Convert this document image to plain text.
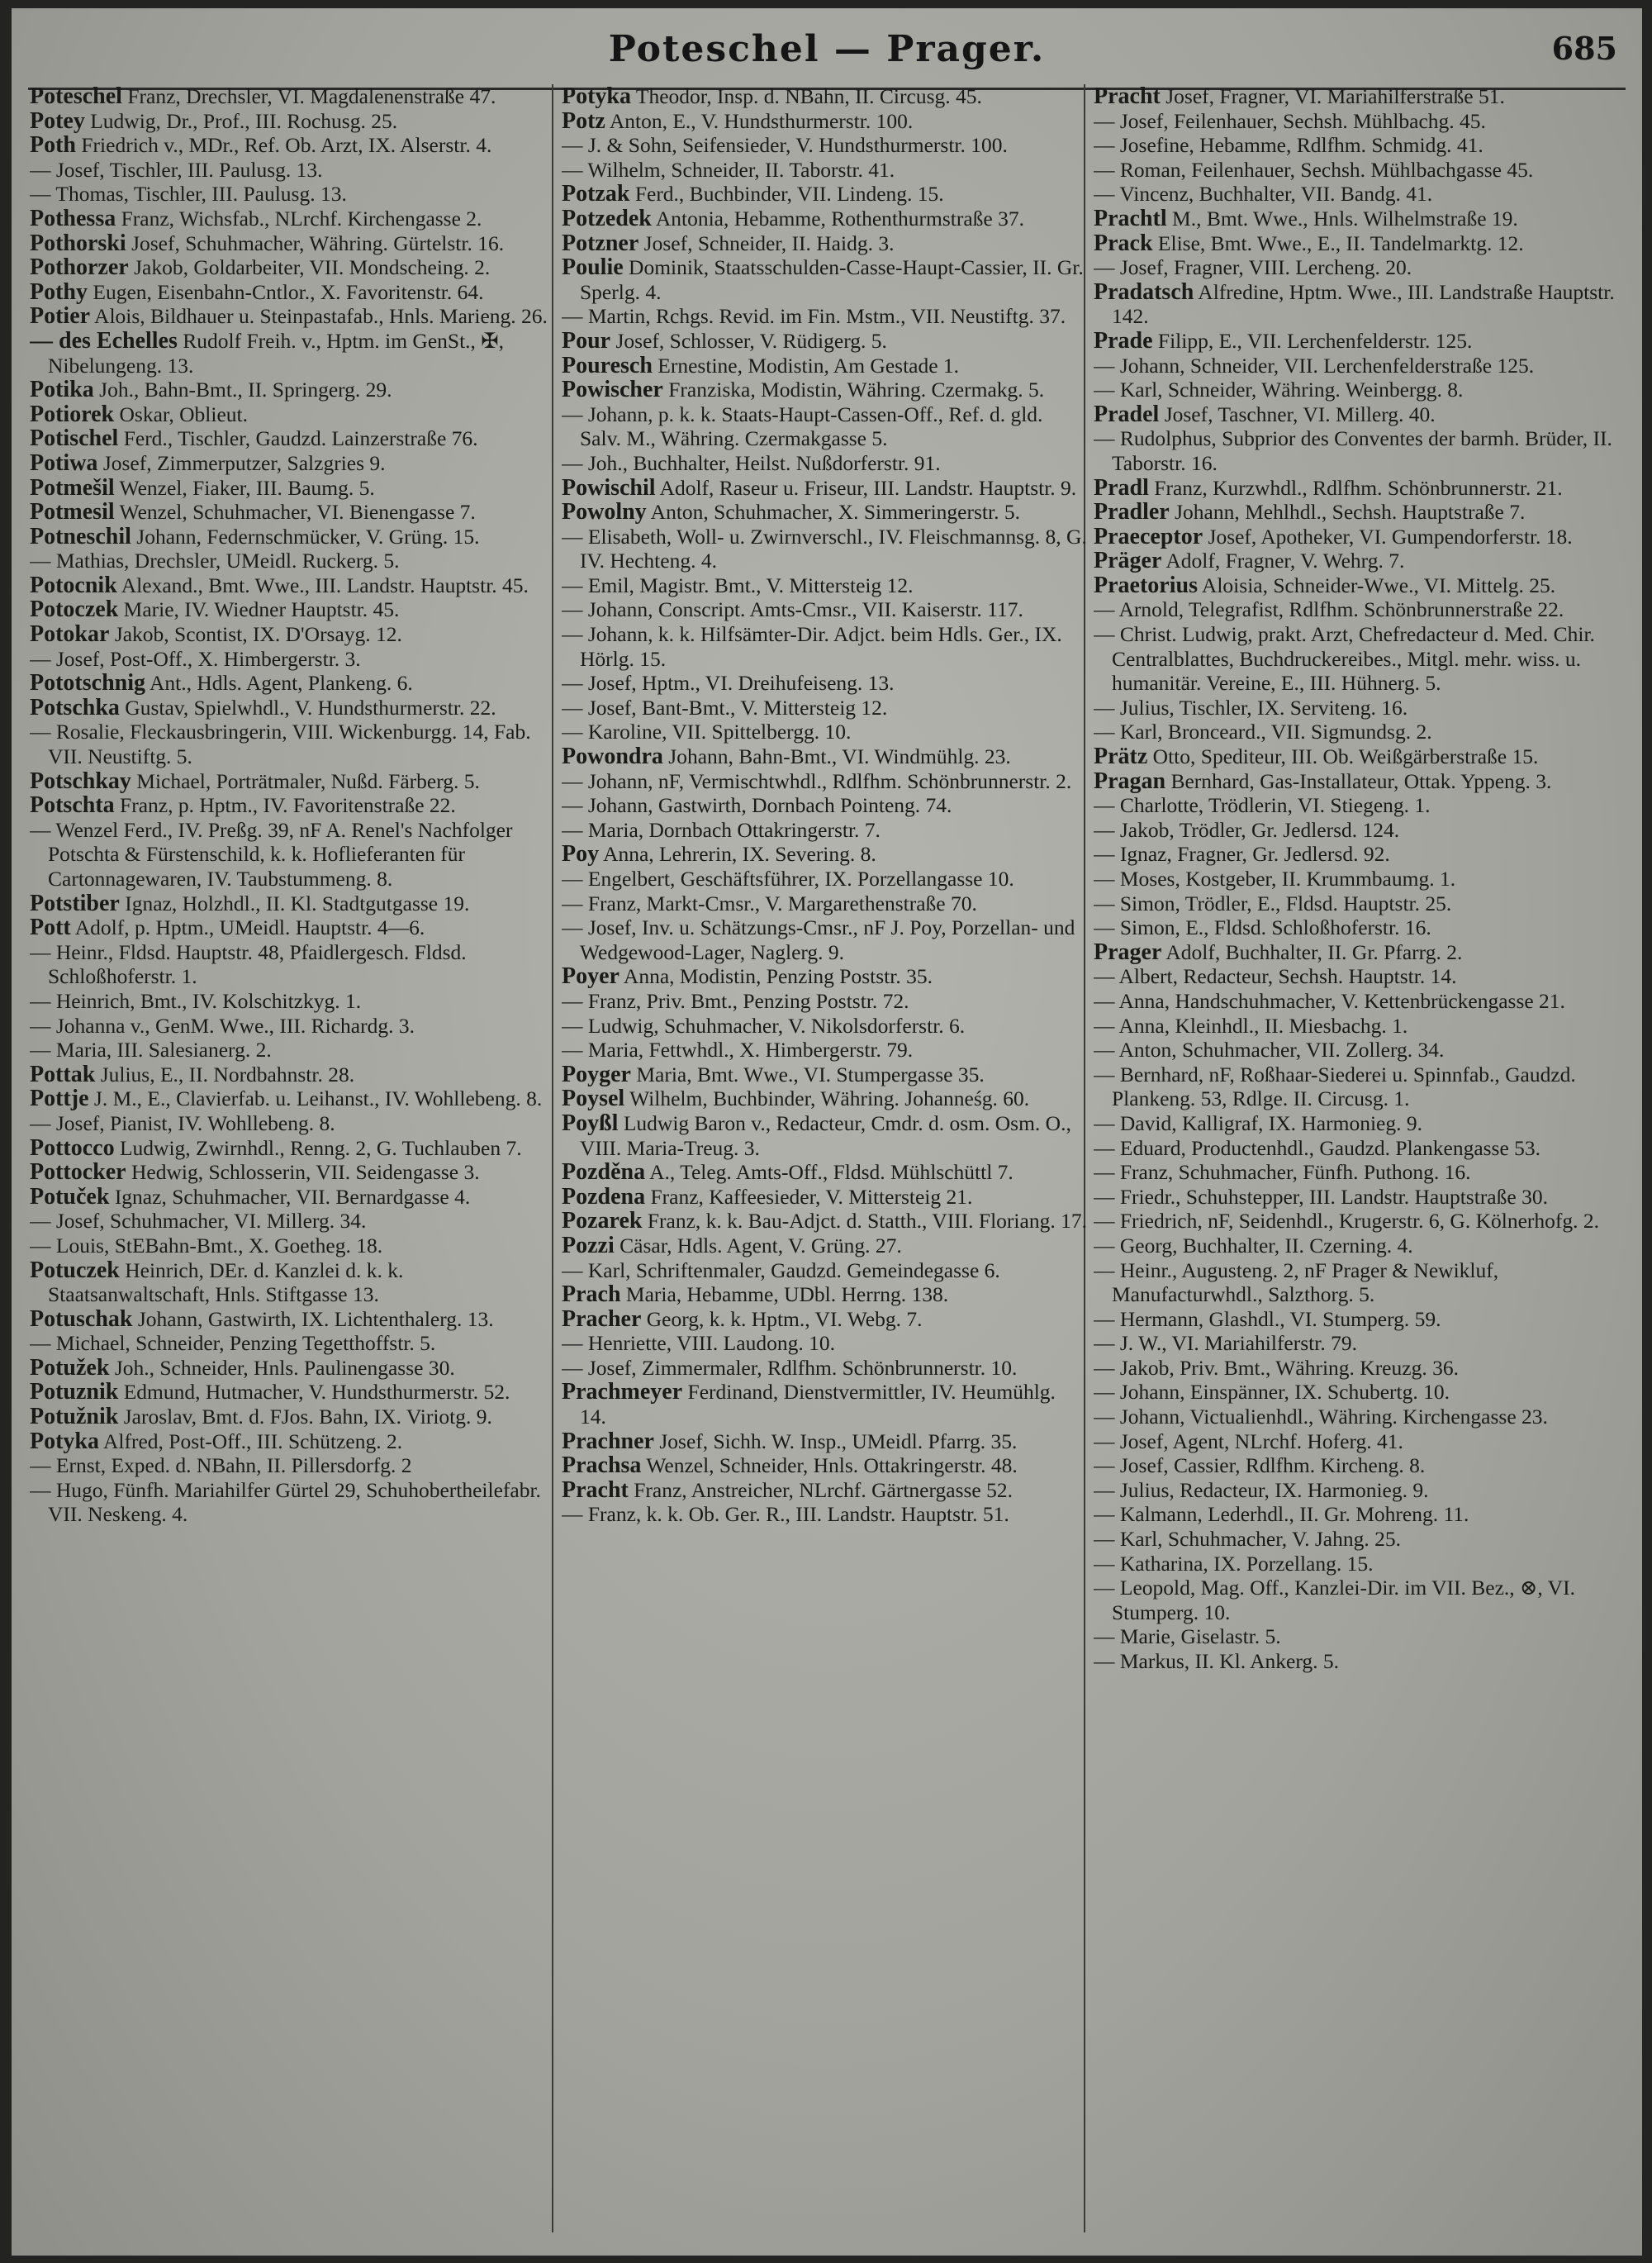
Poteschel — Prager.	685
Poteschel Franz, Drechsler, VI. Magdalenenstraße 47.
Potey Ludwig, Dr., Prof., III. Rochusg. 25.
Poth Friedrich v., MDr., Ref. Ob. Arzt, IX. Alserstr. 4.
— Josef, Tischler, III. Paulusg. 13.
— Thomas, Tischler, III. Paulusg. 13.
Pothessa Franz, Wichsfab., NLrchf. Kirchengasse 2.
Pothorski Josef, Schuhmacher, Währing. Gürtelstr. 16.
Pothorzer Jakob, Goldarbeiter, VII. Mondscheing. 2.
Pothy Eugen, Eisenbahn-Cntlor., X. Favoritenstr. 64.
Potier Alois, Bildhauer u. Steinpastafab., Hnls. Marieng. 26.
— des Echelles Rudolf Freih. v., Hptm. im GenSt., ✠, Nibelungeng. 13.
Potika Joh., Bahn-Bmt., II. Springerg. 29.
Potiorek Oskar, Oblieut.
Potischel Ferd., Tischler, Gaudzd. Lainzerstraße 76.
Potiwa Josef, Zimmerputzer, Salzgries 9.
Potmešil Wenzel, Fiaker, III. Baumg. 5.
Potmesil Wenzel, Schuhmacher, VI. Bienengasse 7.
Potneschil Johann, Federnschmücker, V. Grüng. 15.
— Mathias, Drechsler, UMeidl. Ruckerg. 5.
Potocnik Alexand., Bmt. Wwe., III. Landstr. Hauptstr. 45.
Potoczek Marie, IV. Wiedner Hauptstr. 45.
Potokar Jakob, Scontist, IX. D'Orsayg. 12.
— Josef, Post-Off., X. Himbergerstr. 3.
Pototschnig Ant., Hdls. Agent, Plankeng. 6.
Potschka Gustav, Spielwhdl., V. Hundsthurmerstr. 22.
— Rosalie, Fleckausbringerin, VIII. Wickenburgg. 14, Fab. VII. Neustiftg. 5.
Potschkay Michael, Porträtmaler, Nußd. Färberg. 5.
Potschta Franz, p. Hptm., IV. Favoritenstraße 22.
— Wenzel Ferd., IV. Preßg. 39, nF A. Renel's Nachfolger Potschta & Fürstenschild, k. k. Hoflieferanten für Cartonnagewaren, IV. Taubstummeng. 8.
Potstiber Ignaz, Holzhdl., II. Kl. Stadtgutgasse 19.
Pott Adolf, p. Hptm., UMeidl. Hauptstr. 4—6.
— Heinr., Fldsd. Hauptstr. 48, Pfaidlergesch. Fldsd. Schloßhoferstr. 1.
— Heinrich, Bmt., IV. Kolschitzkyg. 1.
— Johanna v., GenM. Wwe., III. Richardg. 3.
— Maria, III. Salesianerg. 2.
Pottak Julius, E., II. Nordbahnstr. 28.
Pottje J. M., E., Clavierfab. u. Leihanst., IV. Wohllebeng. 8.
— Josef, Pianist, IV. Wohllebeng. 8.
Pottocco Ludwig, Zwirnhdl., Renng. 2, G. Tuchlauben 7.
Pottocker Hedwig, Schlosserin, VII. Seidengasse 3.
Potuček Ignaz, Schuhmacher, VII. Bernardgasse 4.
— Josef, Schuhmacher, VI. Millerg. 34.
— Louis, StEBahn-Bmt., X. Goetheg. 18.
Potuczek Heinrich, DEr. d. Kanzlei d. k. k. Staatsanwaltschaft, Hnls. Stiftgasse 13.
Potuschak Johann, Gastwirth, IX. Lichtenthalerg. 13.
— Michael, Schneider, Penzing Tegetthoffstr. 5.
Potužek Joh., Schneider, Hnls. Paulinengasse 30.
Potuznik Edmund, Hutmacher, V. Hundsthurmerstr. 52.
Potužnik Jaroslav, Bmt. d. FJos. Bahn, IX. Viriotg. 9.
Potyka Alfred, Post-Off., III. Schützeng. 2.
— Ernst, Exped. d. NBahn, II. Pillersdorfg. 2
— Hugo, Fünfh. Mariahilfer Gürtel 29, Schuhobertheilefabr. VII. Neskeng. 4.
Potyka Theodor, Insp. d. NBahn, II. Circusg. 45.
Potz Anton, E., V. Hundsthurmerstr. 100.
— J. & Sohn, Seifensieder, V. Hundsthurmerstr. 100.
— Wilhelm, Schneider, II. Taborstr. 41.
Potzak Ferd., Buchbinder, VII. Lindeng. 15.
Potzedek Antonia, Hebamme, Rothenthurmstraße 37.
Potzner Josef, Schneider, II. Haidg. 3.
Poulie Dominik, Staatsschulden-Casse-Haupt-Cassier, II. Gr. Sperlg. 4.
— Martin, Rchgs. Revid. im Fin. Mstm., VII. Neustiftg. 37.
Pour Josef, Schlosser, V. Rüdigerg. 5.
Pouresch Ernestine, Modistin, Am Gestade 1.
Powischer Franziska, Modistin, Währing. Czermakg. 5.
— Johann, p. k. k. Staats-Haupt-Cassen-Off., Ref. d. gld. Salv. M., Währing. Czermakgasse 5.
— Joh., Buchhalter, Heilst. Nußdorferstr. 91.
Powischil Adolf, Raseur u. Friseur, III. Landstr. Hauptstr. 9.
Powolny Anton, Schuhmacher, X. Simmeringerstr. 5.
— Elisabeth, Woll- u. Zwirnverschl., IV. Fleischmannsg. 8, G. IV. Hechteng. 4.
— Emil, Magistr. Bmt., V. Mittersteig 12.
— Johann, Conscript. Amts-Cmsr., VII. Kaiserstr. 117.
— Johann, k. k. Hilfsämter-Dir. Adjct. beim Hdls. Ger., IX. Hörlg. 15.
— Josef, Hptm., VI. Dreihufeiseng. 13.
— Josef, Bant-Bmt., V. Mittersteig 12.
— Karoline, VII. Spittelbergg. 10.
Powondra Johann, Bahn-Bmt., VI. Windmühlg. 23.
— Johann, nF, Vermischtwhdl., Rdlfhm. Schönbrunnerstr. 2.
— Johann, Gastwirth, Dornbach Pointeng. 74.
— Maria, Dornbach Ottakringerstr. 7.
Poy Anna, Lehrerin, IX. Severing. 8.
— Engelbert, Geschäftsführer, IX. Porzellangasse 10.
— Franz, Markt-Cmsr., V. Margarethenstraße 70.
— Josef, Inv. u. Schätzungs-Cmsr., nF J. Poy, Porzellan- und Wedgewood-Lager, Naglerg. 9.
Poyer Anna, Modistin, Penzing Poststr. 35.
— Franz, Priv. Bmt., Penzing Poststr. 72.
— Ludwig, Schuhmacher, V. Nikolsdorferstr. 6.
— Maria, Fettwhdl., X. Himbergerstr. 79.
Poyger Maria, Bmt. Wwe., VI. Stumpergasse 35.
Poysel Wilhelm, Buchbinder, Währing. Johanneśg. 60.
Poyßl Ludwig Baron v., Redacteur, Cmdr. d. osm. Osm. O., VIII. Maria-Treug. 3.
Pozděna A., Teleg. Amts-Off., Fldsd. Mühlschüttl 7.
Pozdena Franz, Kaffeesieder, V. Mittersteig 21.
Pozarek Franz, k. k. Bau-Adjct. d. Statth., VIII. Floriang. 17.
Pozzi Cäsar, Hdls. Agent, V. Grüng. 27.
— Karl, Schriftenmaler, Gaudzd. Gemeindegasse 6.
Prach Maria, Hebamme, UDbl. Herrng. 138.
Pracher Georg, k. k. Hptm., VI. Webg. 7.
— Henriette, VIII. Laudong. 10.
— Josef, Zimmermaler, Rdlfhm. Schönbrunnerstr. 10.
Prachmeyer Ferdinand, Dienstvermittler, IV. Heumühlg. 14.
Prachner Josef, Sichh. W. Insp., UMeidl. Pfarrg. 35.
Prachsa Wenzel, Schneider, Hnls. Ottakringerstr. 48.
Pracht Franz, Anstreicher, NLrchf. Gärtnergasse 52.
— Franz, k. k. Ob. Ger. R., III. Landstr. Hauptstr. 51.
Pracht Josef, Fragner, VI. Mariahilferstraße 51.
— Josef, Feilenhauer, Sechsh. Mühlbachg. 45.
— Josefine, Hebamme, Rdlfhm. Schmidg. 41.
— Roman, Feilenhauer, Sechsh. Mühlbachgasse 45.
— Vincenz, Buchhalter, VII. Bandg. 41.
Prachtl M., Bmt. Wwe., Hnls. Wilhelmstraße 19.
Prack Elise, Bmt. Wwe., E., II. Tandelmarktg. 12.
— Josef, Fragner, VIII. Lercheng. 20.
Pradatsch Alfredine, Hptm. Wwe., III. Landstraße Hauptstr. 142.
Prade Filipp, E., VII. Lerchenfelderstr. 125.
— Johann, Schneider, VII. Lerchenfelderstraße 125.
— Karl, Schneider, Währing. Weinbergg. 8.
Pradel Josef, Taschner, VI. Millerg. 40.
— Rudolphus, Subprior des Conventes der barmh. Brüder, II. Taborstr. 16.
Pradl Franz, Kurzwhdl., Rdlfhm. Schönbrunnerstr. 21.
Pradler Johann, Mehlhdl., Sechsh. Hauptstraße 7.
Praeceptor Josef, Apotheker, VI. Gumpendorferstr. 18.
Präger Adolf, Fragner, V. Wehrg. 7.
Praetorius Aloisia, Schneider-Wwe., VI. Mittelg. 25.
— Arnold, Telegrafist, Rdlfhm. Schönbrunnerstraße 22.
— Christ. Ludwig, prakt. Arzt, Chefredacteur d. Med. Chir. Centralblattes, Buchdruckereibes., Mitgl. mehr. wiss. u. humanitär. Vereine, E., III. Hühnerg. 5.
— Julius, Tischler, IX. Serviteng. 16.
— Karl, Bronceard., VII. Sigmundsg. 2.
Prätz Otto, Spediteur, III. Ob. Weißgärberstraße 15.
Pragan Bernhard, Gas-Installateur, Ottak. Yppeng. 3.
— Charlotte, Trödlerin, VI. Stiegeng. 1.
— Jakob, Trödler, Gr. Jedlersd. 124.
— Ignaz, Fragner, Gr. Jedlersd. 92.
— Moses, Kostgeber, II. Krummbaumg. 1.
— Simon, Trödler, E., Fldsd. Hauptstr. 25.
— Simon, E., Fldsd. Schloßhoferstr. 16.
Prager Adolf, Buchhalter, II. Gr. Pfarrg. 2.
— Albert, Redacteur, Sechsh. Hauptstr. 14.
— Anna, Handschuhmacher, V. Kettenbrückengasse 21.
— Anna, Kleinhdl., II. Miesbachg. 1.
— Anton, Schuhmacher, VII. Zollerg. 34.
— Bernhard, nF, Roßhaar-Siederei u. Spinnfab., Gaudzd. Plankeng. 53, Rdlge. II. Circusg. 1.
— David, Kalligraf, IX. Harmonieg. 9.
— Eduard, Productenhdl., Gaudzd. Plankengasse 53.
— Franz, Schuhmacher, Fünfh. Puthong. 16.
— Friedr., Schuhstepper, III. Landstr. Hauptstraße 30.
— Friedrich, nF, Seidenhdl., Krugerstr. 6, G. Kölnerhofg. 2.
— Georg, Buchhalter, II. Czerning. 4.
— Heinr., Augusteng. 2, nF Prager & Newikluf, Manufacturwhdl., Salzthorg. 5.
— Hermann, Glashdl., VI. Stumperg. 59.
— J. W., VI. Mariahilferstr. 79.
— Jakob, Priv. Bmt., Währing. Kreuzg. 36.
— Johann, Einspänner, IX. Schubertg. 10.
— Johann, Victualienhdl., Währing. Kirchengasse 23.
— Josef, Agent, NLrchf. Hoferg. 41.
— Josef, Cassier, Rdlfhm. Kircheng. 8.
— Julius, Redacteur, IX. Harmonieg. 9.
— Kalmann, Lederhdl., II. Gr. Mohreng. 11.
— Karl, Schuhmacher, V. Jahng. 25.
— Katharina, IX. Porzellang. 15.
— Leopold, Mag. Off., Kanzlei-Dir. im VII. Bez., ⊗, VI. Stumperg. 10.
— Marie, Giselastr. 5.
— Markus, II. Kl. Ankerg. 5.
